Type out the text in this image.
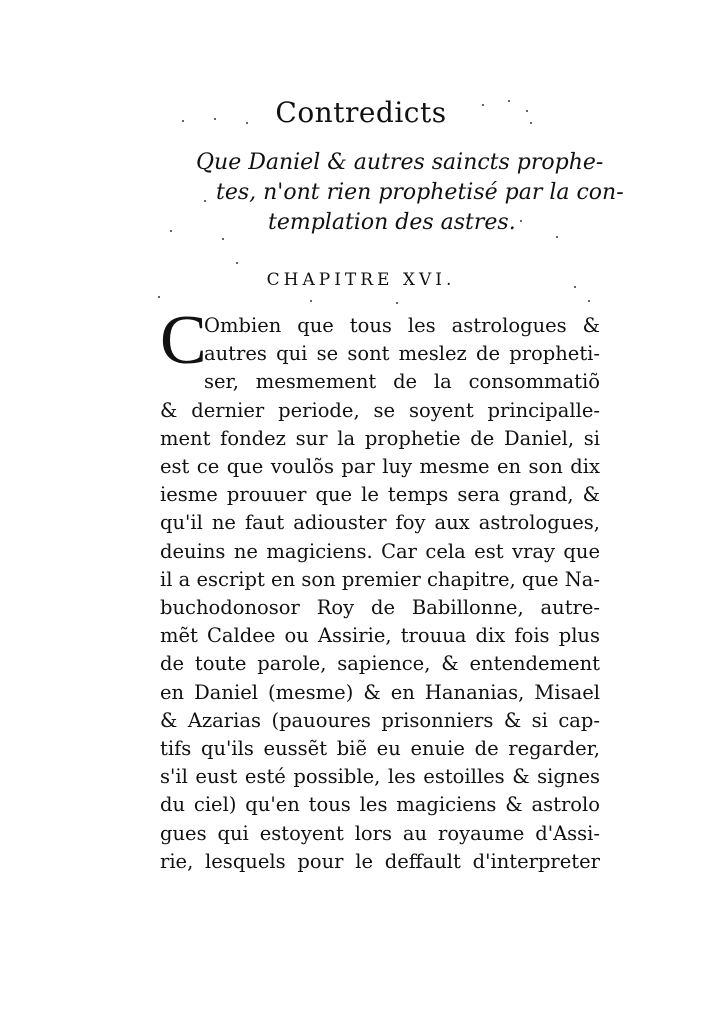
Contredicts
Que Daniel & autres saincts prophe-
tes, n'ont rien prophetisé par la con-
templation des astres.
CHAPITRE XVI.
C
Ombien que tous les astrologues &
autres qui se sont meslez de propheti-
ser, mesmement de la consommatiõ
& dernier periode, se soyent principalle-
ment fondez sur la prophetie de Daniel, si
est ce que voulõs par luy mesme en son dix
iesme prouuer que le temps sera grand, &
qu'il ne faut adiouster foy aux astrologues,
deuins ne magiciens. Car cela est vray que
il a escript en son premier chapitre, que Na-
buchodonosor Roy de Babillonne, autre-
mẽt Caldee ou Assirie, trouua dix fois plus
de toute parole, sapience, & entendement
en Daniel (mesme) & en Hananias, Misael
& Azarias (pauoures prisonniers & si cap-
tifs qu'ils eussẽt biẽ eu enuie de regarder,
s'il eust esté possible, les estoilles & signes
du ciel) qu'en tous les magiciens & astrolo
gues qui estoyent lors au royaume d'Assi-
rie, lesquels pour le deffault d'interpreter
